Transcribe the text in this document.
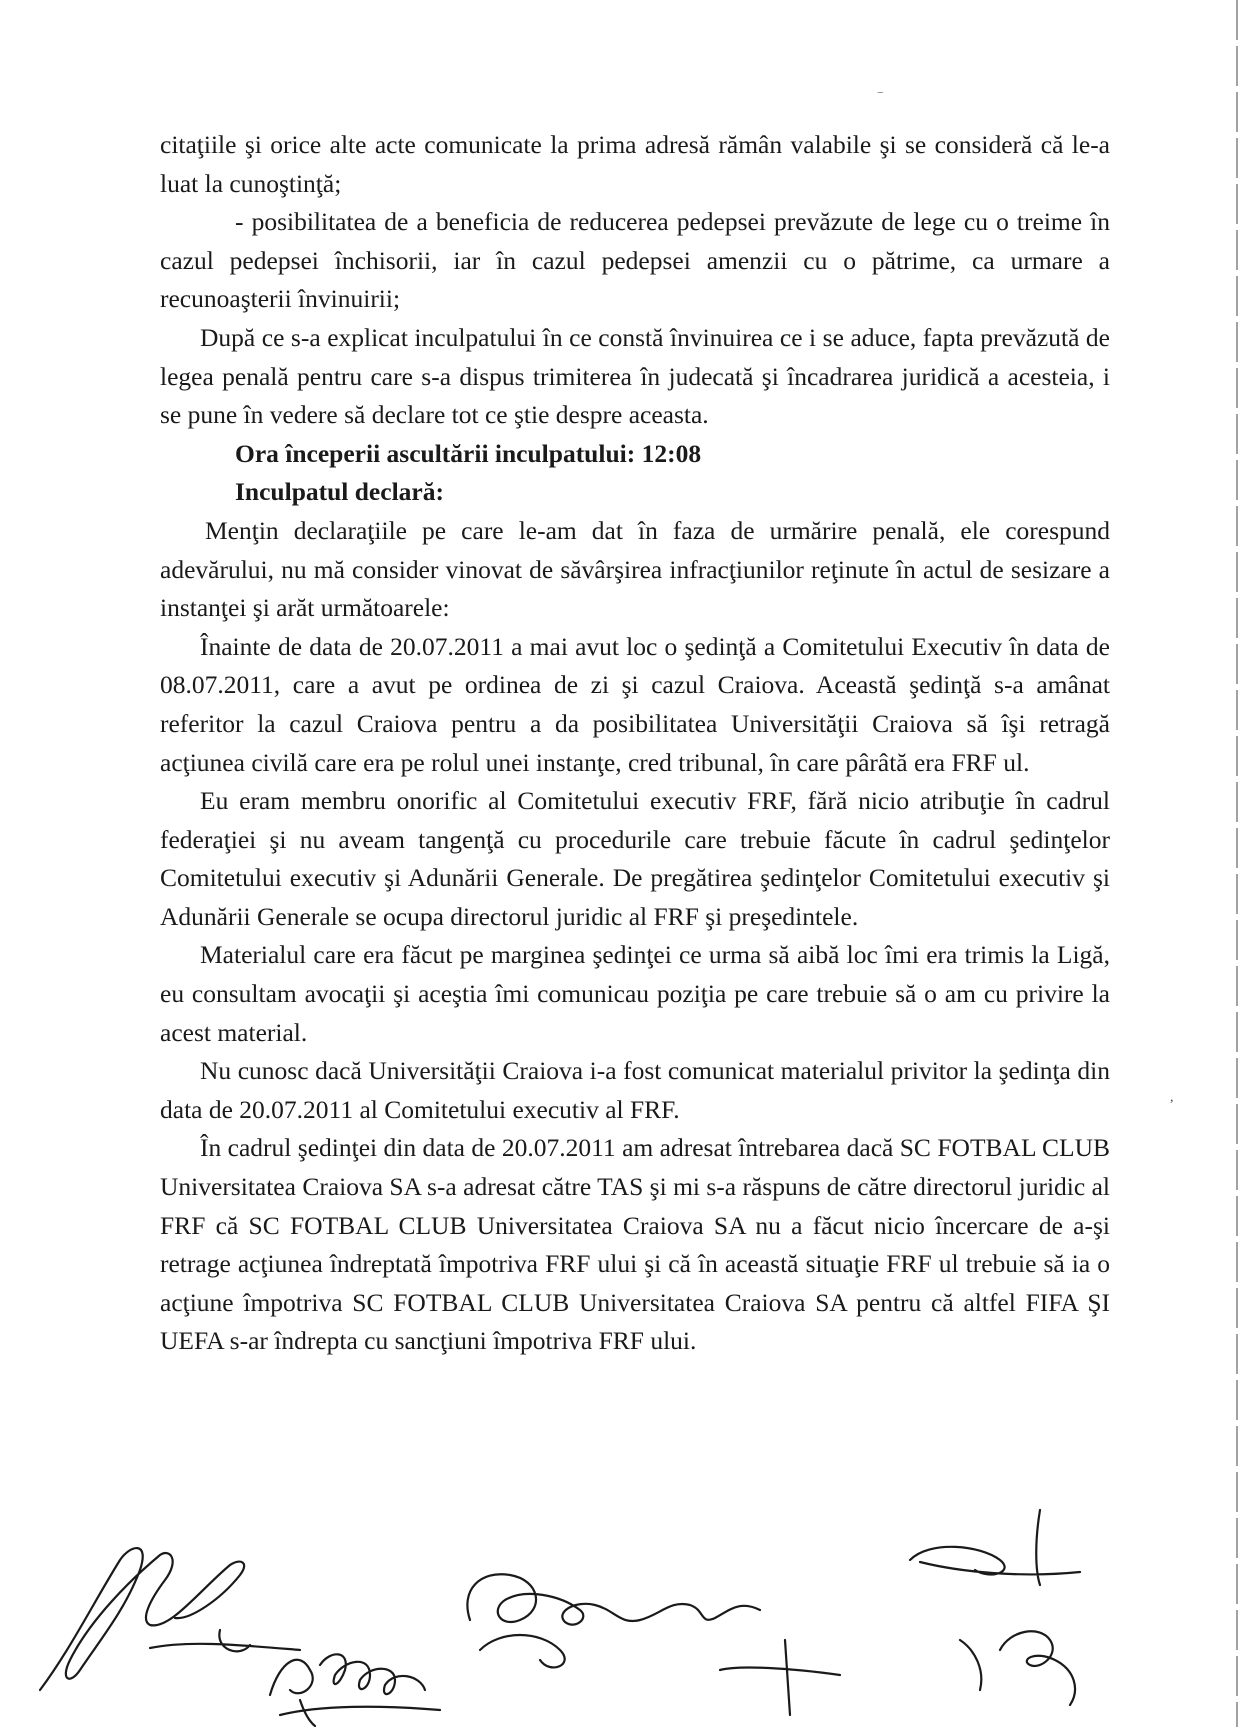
‾
,

citaţiile şi orice alte acte comunicate la prima adresă rămân valabile şi se consideră că le-a luat la cunoştinţă;

- posibilitatea de a beneficia de reducerea pedepsei prevăzute de lege cu o treime în cazul pedepsei închisorii, iar în cazul pedepsei amenzii cu o pătrime, ca urmare a recunoaşterii învinuirii;

După ce s-a explicat inculpatului în ce constă învinuirea ce i se aduce, fapta prevăzută de legea penală pentru care s-a dispus trimiterea în judecată şi încadrarea juridică a acesteia, i se pune în vedere să declare tot ce ştie despre aceasta.

Ora începerii ascultării inculpatului: 12:08

Inculpatul declară:

Menţin declaraţiile pe care le-am dat în faza de urmărire penală, ele corespund adevărului, nu mă consider vinovat de săvârşirea infracţiunilor reţinute în actul de sesizare a instanţei şi arăt următoarele:

Înainte de data de 20.07.2011 a mai avut loc o şedinţă a Comitetului Executiv în data de 08.07.2011, care a avut pe ordinea de zi şi cazul Craiova. Această şedinţă s-a amânat referitor la cazul Craiova pentru a da posibilitatea Universităţii Craiova să îşi retragă acţiunea civilă care era pe rolul unei instanţe, cred tribunal, în care pârâtă era FRF ul.

Eu eram membru onorific al Comitetului executiv FRF, fără nicio atribuţie în cadrul federaţiei şi nu aveam tangenţă cu procedurile care trebuie făcute în cadrul şedinţelor Comitetului executiv şi Adunării Generale. De pregătirea şedinţelor Comitetului executiv şi Adunării Generale se ocupa directorul juridic al FRF şi preşedintele.

Materialul care era făcut pe marginea şedinţei ce urma să aibă loc îmi era trimis la Ligă, eu consultam avocaţii şi aceştia îmi comunicau poziţia pe care trebuie să o am cu privire la acest material.

Nu cunosc dacă Universităţii Craiova i-a fost comunicat materialul privitor la şedinţa din data de 20.07.2011 al Comitetului executiv al FRF.

În cadrul şedinţei din data de 20.07.2011 am adresat întrebarea dacă SC FOTBAL CLUB Universitatea Craiova SA s-a adresat către TAS şi mi s-a răspuns de către directorul juridic al FRF că SC FOTBAL CLUB Universitatea Craiova SA nu a făcut nicio încercare de a-şi retrage acţiunea îndreptată împotriva FRF ului şi că în această situaţie FRF ul trebuie să ia o acţiune împotriva SC FOTBAL CLUB Universitatea Craiova SA pentru că altfel FIFA ŞI UEFA s-ar îndrepta cu sancţiuni împotriva FRF ului.
